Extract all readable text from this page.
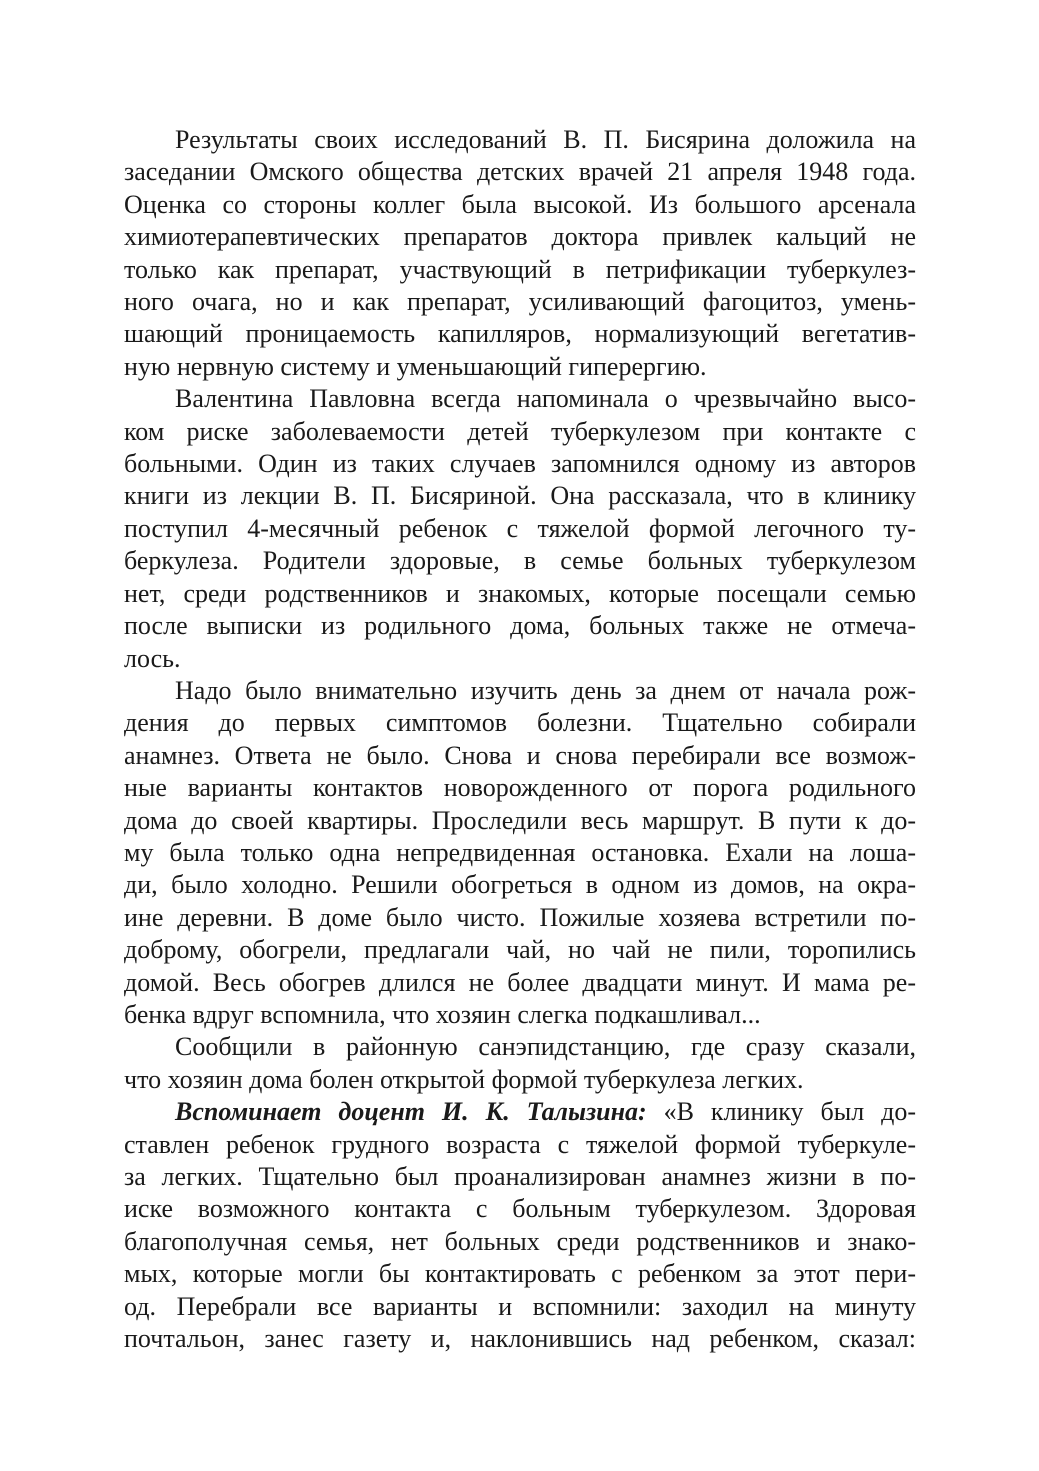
Результаты своих исследований В. П. Бисярина доложила на
заседании Омского общества детских врачей 21 апреля 1948 года.
Оценка со стороны коллег была высокой. Из большого арсенала
химиотерапевтических препаратов доктора привлек кальций не
только как препарат, участвующий в петрификации туберкулез-
ного очага, но и как препарат, усиливающий фагоцитоз, умень-
шающий проницаемость капилляров, нормализующий вегетатив-
ную нервную систему и уменьшающий гиперергию.

Валентина Павловна всегда напоминала о чрезвычайно высо-
ком риске заболеваемости детей туберкулезом при контакте с
больными. Один из таких случаев запомнился одному из авторов
книги из лекции В. П. Бисяриной. Она рассказала, что в клинику
поступил 4-месячный ребенок с тяжелой формой легочного ту-
беркулеза. Родители здоровые, в семье больных туберкулезом
нет, среди родственников и знакомых, которые посещали семью
после выписки из родильного дома, больных также не отмеча-
лось.

Надо было внимательно изучить день за днем от начала рож-
дения до первых симптомов болезни. Тщательно собирали
анамнез. Ответа не было. Снова и снова перебирали все возмож-
ные варианты контактов новорожденного от порога родильного
дома до своей квартиры. Проследили весь маршрут. В пути к до-
му была только одна непредвиденная остановка. Ехали на лоша-
ди, было холодно. Решили обогреться в одном из домов, на окра-
ине деревни. В доме было чисто. Пожилые хозяева встретили по-
доброму, обогрели, предлагали чай, но чай не пили, торопились
домой. Весь обогрев длился не более двадцати минут. И мама ре-
бенка вдруг вспомнила, что хозяин слегка подкашливал...

Сообщили в районную санэпидстанцию, где сразу сказали,
что хозяин дома болен открытой формой туберкулеза легких.

Вспоминает доцент И. К. Талызина: «В клинику был до-
ставлен ребенок грудного возраста с тяжелой формой туберкуле-
за легких. Тщательно был проанализирован анамнез жизни в по-
иске возможного контакта с больным туберкулезом. Здоровая
благополучная семья, нет больных среди родственников и знако-
мых, которые могли бы контактировать с ребенком за этот пери-
од. Перебрали все варианты и вспомнили: заходил на минуту
почтальон, занес газету и, наклонившись над ребенком, сказал:
